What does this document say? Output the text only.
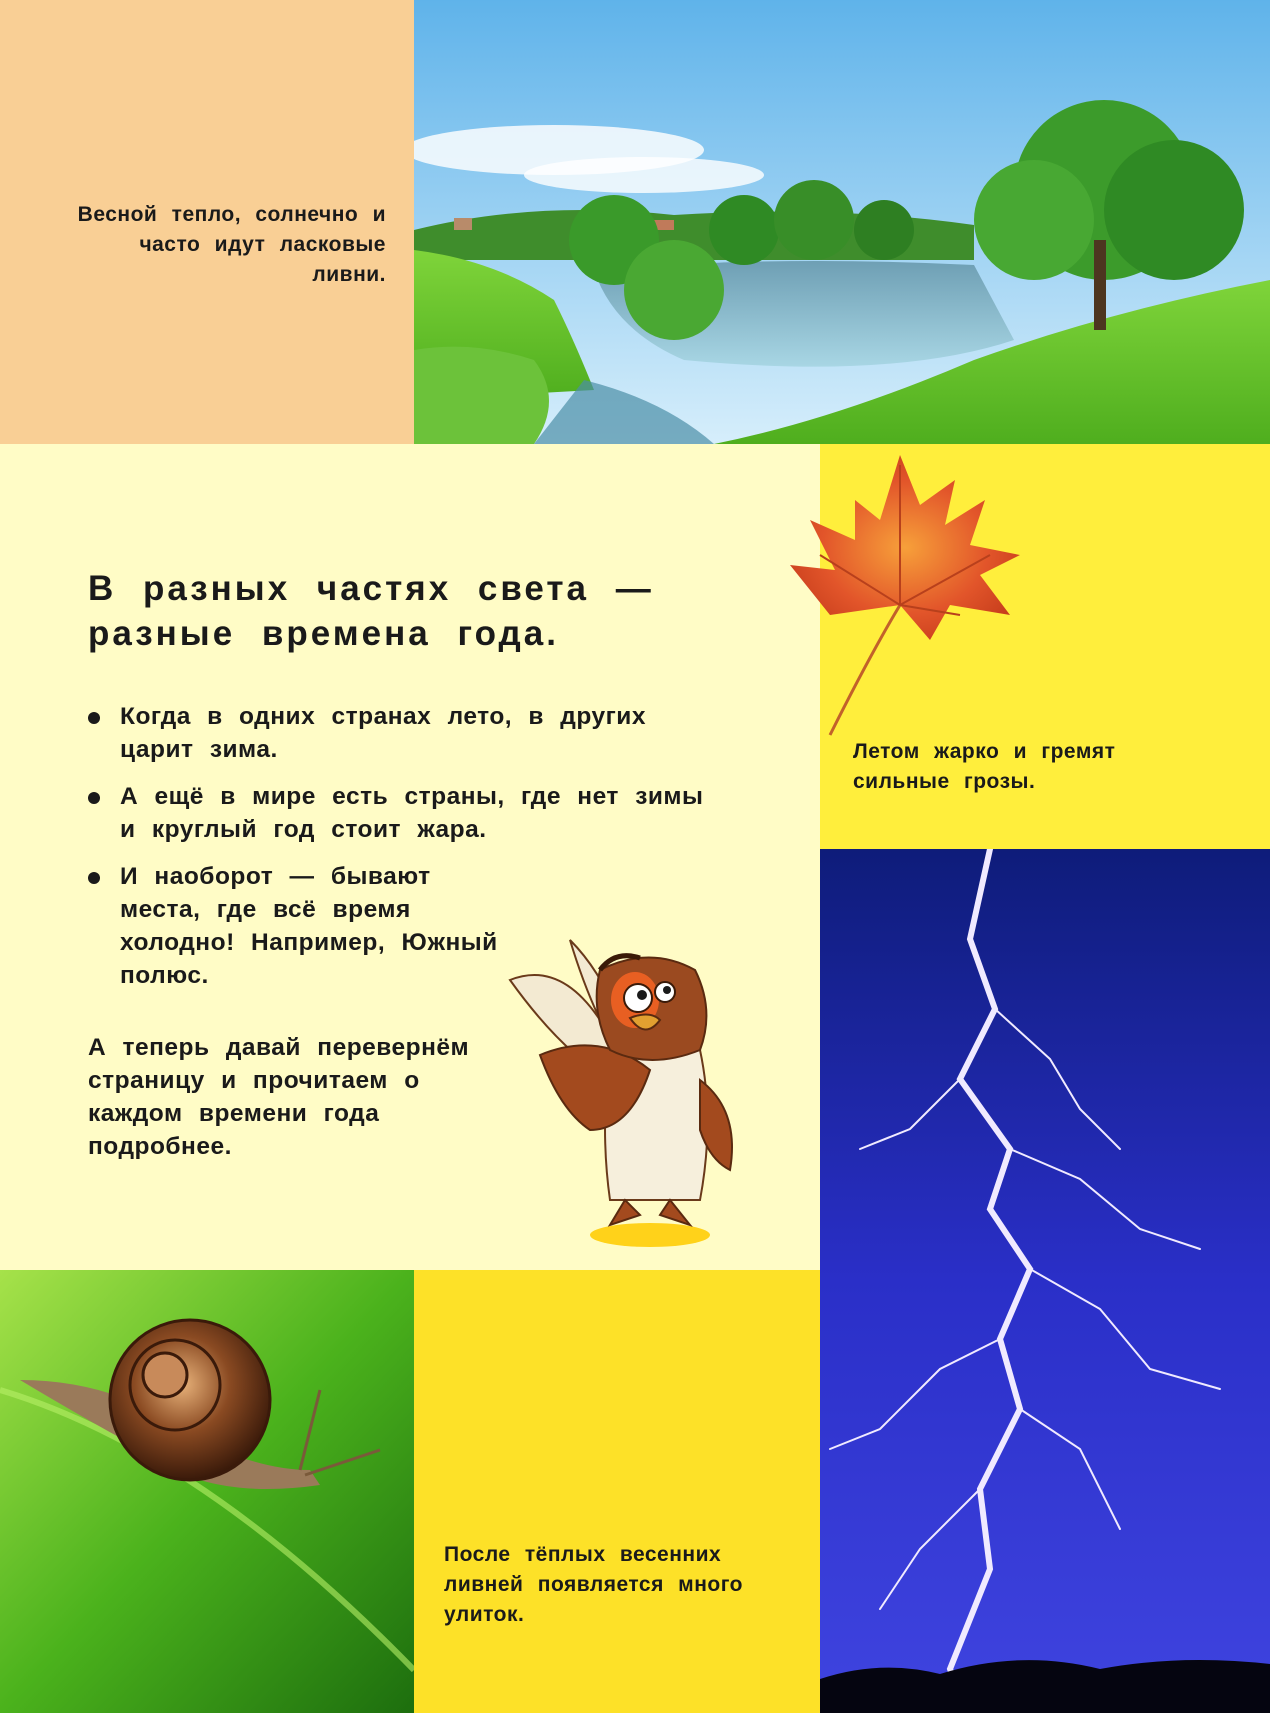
Весной тепло, солнечно и часто идут ласковые ливни.
Летом жарко и гремят сильные грозы.
В разных частях света — разные времена года.
Когда в одних странах лето, в других царит зима.
А ещё в мире есть страны, где нет зимы и круглый год стоит жара.
И наоборот — бывают места, где всё время холодно! Например, Южный полюс.
А теперь давай перевернём страницу и прочитаем о каждом времени года подробнее.
После тёплых весенних ливней появляется много улиток.
